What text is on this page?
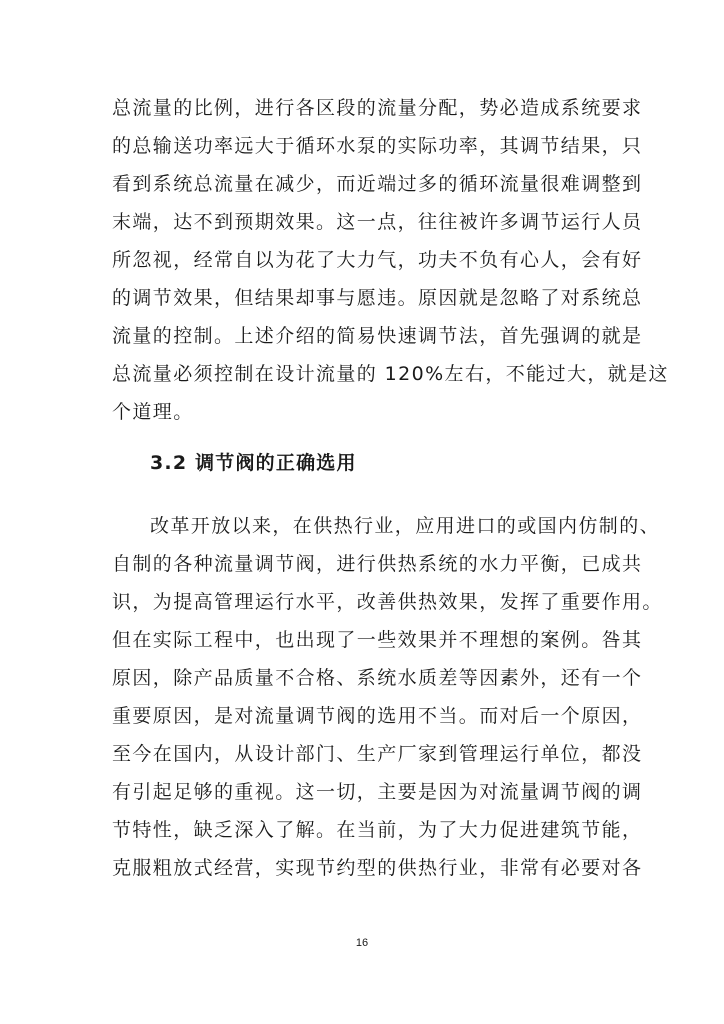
总流量的比例，进行各区段的流量分配，势必造成系统要求
的总输送功率远大于循环水泵的实际功率，其调节结果，只
看到系统总流量在减少，而近端过多的循环流量很难调整到
末端，达不到预期效果。这一点，往往被许多调节运行人员
所忽视，经常自以为花了大力气，功夫不负有心人，会有好
的调节效果，但结果却事与愿违。原因就是忽略了对系统总
流量的控制。上述介绍的简易快速调节法，首先强调的就是
总流量必须控制在设计流量的 120%左右，不能过大，就是这
个道理。
3.2 调节阀的正确选用
改革开放以来，在供热行业，应用进口的或国内仿制的、
自制的各种流量调节阀，进行供热系统的水力平衡，已成共
识，为提高管理运行水平，改善供热效果，发挥了重要作用。
但在实际工程中，也出现了一些效果并不理想的案例。咎其
原因，除产品质量不合格、系统水质差等因素外，还有一个
重要原因，是对流量调节阀的选用不当。而对后一个原因，
至今在国内，从设计部门、生产厂家到管理运行单位，都没
有引起足够的重视。这一切，主要是因为对流量调节阀的调
节特性，缺乏深入了解。在当前，为了大力促进建筑节能，
克服粗放式经营，实现节约型的供热行业，非常有必要对各
16
